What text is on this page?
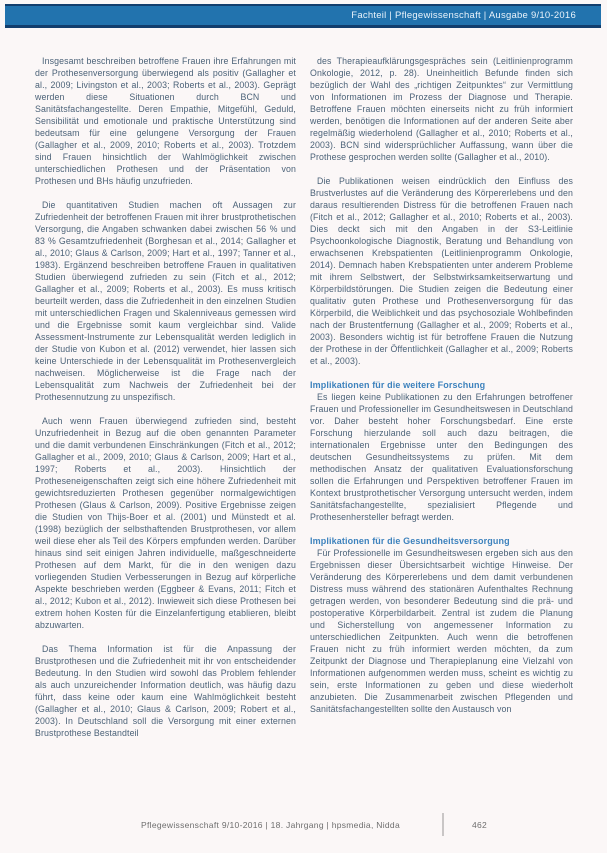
Fachteil | Pflegewissenschaft | Ausgabe 9/10-2016

Insgesamt beschreiben betroffene Frauen ihre Erfahrungen mit der Prothesenversorgung überwiegend als positiv (Gallagher et al., 2009; Livingston et al., 2003; Roberts et al., 2003). Geprägt werden diese Situationen durch BCN und Sanitätsfachangestellte. Deren Empathie, Mitgefühl, Geduld, Sensibilität und emotionale und praktische Unterstützung sind bedeutsam für eine gelungene Versorgung der Frauen (Gallagher et al., 2009, 2010; Roberts et al., 2003). Trotzdem sind Frauen hinsichtlich der Wahlmöglichkeit zwischen unterschiedlichen Prothesen und der Präsentation von Prothesen und BHs häufig unzufrieden.

Die quantitativen Studien machen oft Aussagen zur Zufriedenheit der betroffenen Frauen mit ihrer brustprothetischen Versorgung, die Angaben schwanken dabei zwischen 56 % und 83 % Gesamtzufriedenheit (Borghesan et al., 2014; Gallagher et al., 2010; Glaus & Carlson, 2009; Hart et al., 1997; Tanner et al., 1983). Ergänzend beschreiben betroffene Frauen in qualitativen Studien überwiegend zufrieden zu sein (Fitch et al., 2012; Gallagher et al., 2009; Roberts et al., 2003). Es muss kritisch beurteilt werden, dass die Zufriedenheit in den einzelnen Studien mit unterschiedlichen Fragen und Skalenniveaus gemessen wird und die Ergebnisse somit kaum vergleichbar sind. Valide Assessment-Instrumente zur Lebensqualität werden lediglich in der Studie von Kubon et al. (2012) verwendet, hier lassen sich keine Unterschiede in der Lebensqualität im Prothesenvergleich nachweisen. Möglicherweise ist die Frage nach der Lebensqualität zum Nachweis der Zufriedenheit bei der Prothesennutzung zu unspezifisch.

Auch wenn Frauen überwiegend zufrieden sind, besteht Unzufriedenheit in Bezug auf die oben genannten Parameter und die damit verbundenen Einschränkungen (Fitch et al., 2012; Gallagher et al., 2009, 2010; Glaus & Carlson, 2009; Hart et al., 1997; Roberts et al., 2003). Hinsichtlich der Protheseneigenschaften zeigt sich eine höhere Zufriedenheit mit gewichtsreduzierten Prothesen gegenüber normalgewichtigen Prothesen (Glaus & Carlson, 2009). Positive Ergebnisse zeigen die Studien von Thijs-Boer et al. (2001) und Münstedt et al. (1998) bezüglich der selbsthaftenden Brustprothesen, vor allem weil diese eher als Teil des Körpers empfunden werden. Darüber hinaus sind seit einigen Jahren individuelle, maßgeschneiderte Prothesen auf dem Markt, für die in den wenigen dazu vorliegenden Studien Verbesserungen in Bezug auf körperliche Aspekte beschrieben werden (Eggbeer & Evans, 2011; Fitch et al., 2012; Kubon et al., 2012). Inwieweit sich diese Prothesen bei extrem hohen Kosten für die Einzelanfertigung etablieren, bleibt abzuwarten.

Das Thema Information ist für die Anpassung der Brustprothesen und die Zufriedenheit mit ihr von entscheidender Bedeutung. In den Studien wird sowohl das Problem fehlender als auch unzureichender Information deutlich, was häufig dazu führt, dass keine oder kaum eine Wahlmöglichkeit besteht (Gallagher et al., 2010; Glaus & Carlson, 2009; Robert et al., 2003). In Deutschland soll die Versorgung mit einer externen Brustprothese Bestandteil

des Therapieaufklärungsgespräches sein (Leitlinienprogramm Onkologie, 2012, p. 28). Uneinheitlich Befunde finden sich bezüglich der Wahl des „richtigen Zeitpunktes“ zur Vermittlung von Informationen im Prozess der Diagnose und Therapie. Betroffene Frauen möchten einerseits nicht zu früh informiert werden, benötigen die Informationen auf der anderen Seite aber regelmäßig wiederholend (Gallagher et al., 2010; Roberts et al., 2003). BCN sind widersprüchlicher Auffassung, wann über die Prothese gesprochen werden sollte (Gallagher et al., 2010).

Die Publikationen weisen eindrücklich den Einfluss des Brustverlustes auf die Veränderung des Körpererlebens und den daraus resultierenden Distress für die betroffenen Frauen nach (Fitch et al., 2012; Gallagher et al., 2010; Roberts et al., 2003). Dies deckt sich mit den Angaben in der S3-Leitlinie Psychoonkologische Diagnostik, Beratung und Behandlung von erwachsenen Krebspatienten (Leitlinienprogramm Onkologie, 2014). Demnach haben Krebspatienten unter anderem Probleme mit ihrem Selbstwert, der Selbstwirksamkeitserwartung und Körperbildstörungen. Die Studien zeigen die Bedeutung einer qualitativ guten Prothese und Prothesenversorgung für das Körperbild, die Weiblichkeit und das psychosoziale Wohlbefinden nach der Brustentfernung (Gallagher et al., 2009; Roberts et al., 2003). Besonders wichtig ist für betroffene Frauen die Nutzung der Prothese in der Öffentlichkeit (Gallagher et al., 2009; Roberts et al., 2003).

Implikationen für die weitere Forschung

Es liegen keine Publikationen zu den Erfahrungen betroffener Frauen und Professioneller im Gesundheitswesen in Deutschland vor. Daher besteht hoher Forschungsbedarf. Eine erste Forschung hierzulande soll auch dazu beitragen, die internationalen Ergebnisse unter den Bedingungen des deutschen Gesundheitssystems zu prüfen. Mit dem methodischen Ansatz der qualitativen Evaluationsforschung sollen die Erfahrungen und Perspektiven betroffener Frauen im Kontext brustprothetischer Versorgung untersucht werden, indem Sanitätsfachangestellte, spezialisiert Pflegende und Prothesenhersteller befragt werden.

Implikationen für die Gesundheitsversorgung

Für Professionelle im Gesundheitswesen ergeben sich aus den Ergebnissen dieser Übersichtsarbeit wichtige Hinweise. Der Veränderung des Körpererlebens und dem damit verbundenen Distress muss während des stationären Aufenthaltes Rechnung getragen werden, von besonderer Bedeutung sind die prä- und postoperative Körperbildarbeit. Zentral ist zudem die Planung und Sicherstellung von angemessener Information zu unterschiedlichen Zeitpunkten. Auch wenn die betroffenen Frauen nicht zu früh informiert werden möchten, da zum Zeitpunkt der Diagnose und Therapieplanung eine Vielzahl von Informationen aufgenommen werden muss, scheint es wichtig zu sein, erste Informationen zu geben und diese wiederholt anzubieten. Die Zusammenarbeit zwischen Pflegenden und Sanitätsfachangestellten sollte den Austausch von

Pflegewissenschaft 9/10-2016 | 18. Jahrgang | hpsmedia, Nidda	462
